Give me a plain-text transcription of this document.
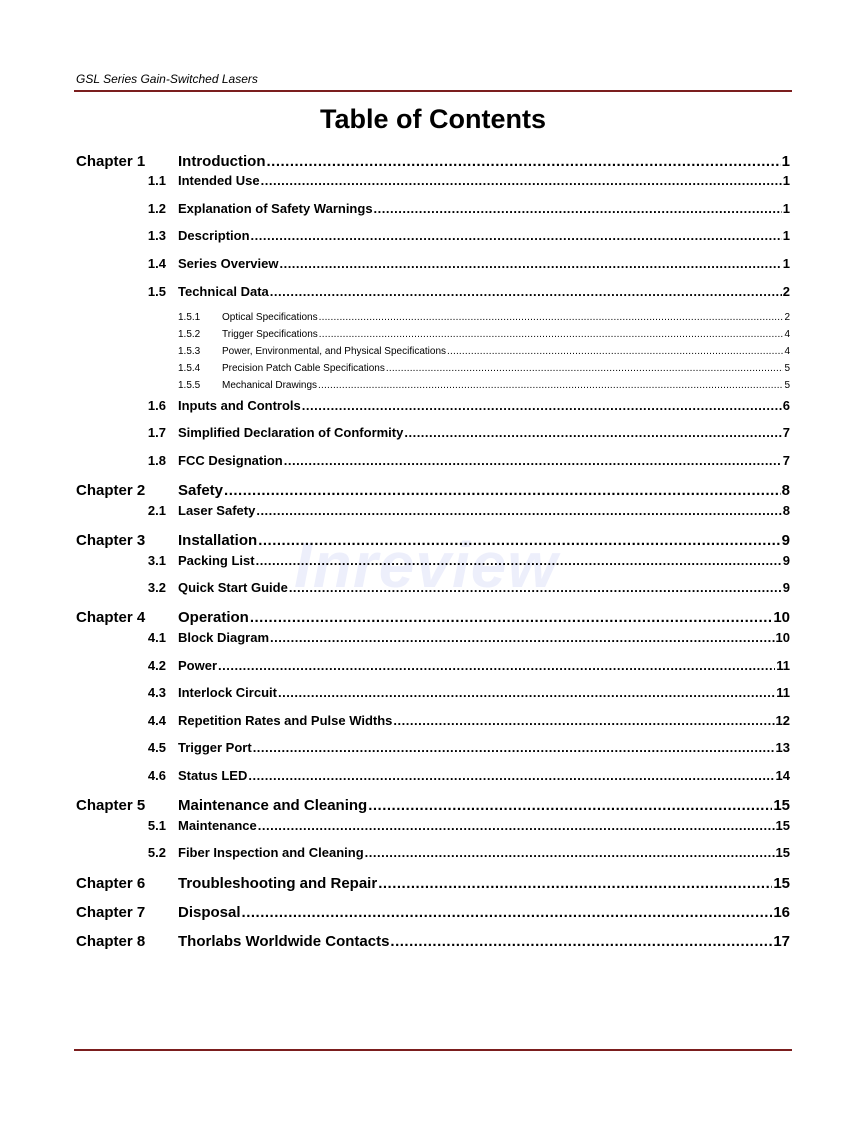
GSL Series Gain-Switched Lasers
Table of Contents
Inreview
Chapter 1 Introduction .....	1
1.1 Intended Use .....	1
1.2 Explanation of Safety Warnings .....	1
1.3 Description .....	1
1.4 Series Overview .....	1
1.5 Technical Data .....	2
1.5.1 Optical Specifications .....	2
1.5.2 Trigger Specifications .....	4
1.5.3 Power, Environmental, and Physical Specifications .....	4
1.5.4 Precision Patch Cable Specifications .....	5
1.5.5 Mechanical Drawings .....	5
1.6 Inputs and Controls .....	6
1.7 Simplified Declaration of Conformity .....	7
1.8 FCC Designation .....	7
Chapter 2 Safety .....	8
2.1 Laser Safety .....	8
Chapter 3 Installation .....	9
3.1 Packing List .....	9
3.2 Quick Start Guide .....	9
Chapter 4 Operation .....	10
4.1 Block Diagram .....	10
4.2 Power .....	11
4.3 Interlock Circuit .....	11
4.4 Repetition Rates and Pulse Widths .....	12
4.5 Trigger Port .....	13
4.6 Status LED .....	14
Chapter 5 Maintenance and Cleaning .....	15
5.1 Maintenance .....	15
5.2 Fiber Inspection and Cleaning .....	15
Chapter 6 Troubleshooting and Repair .....	15
Chapter 7 Disposal .....	16
Chapter 8 Thorlabs Worldwide Contacts .....	17
